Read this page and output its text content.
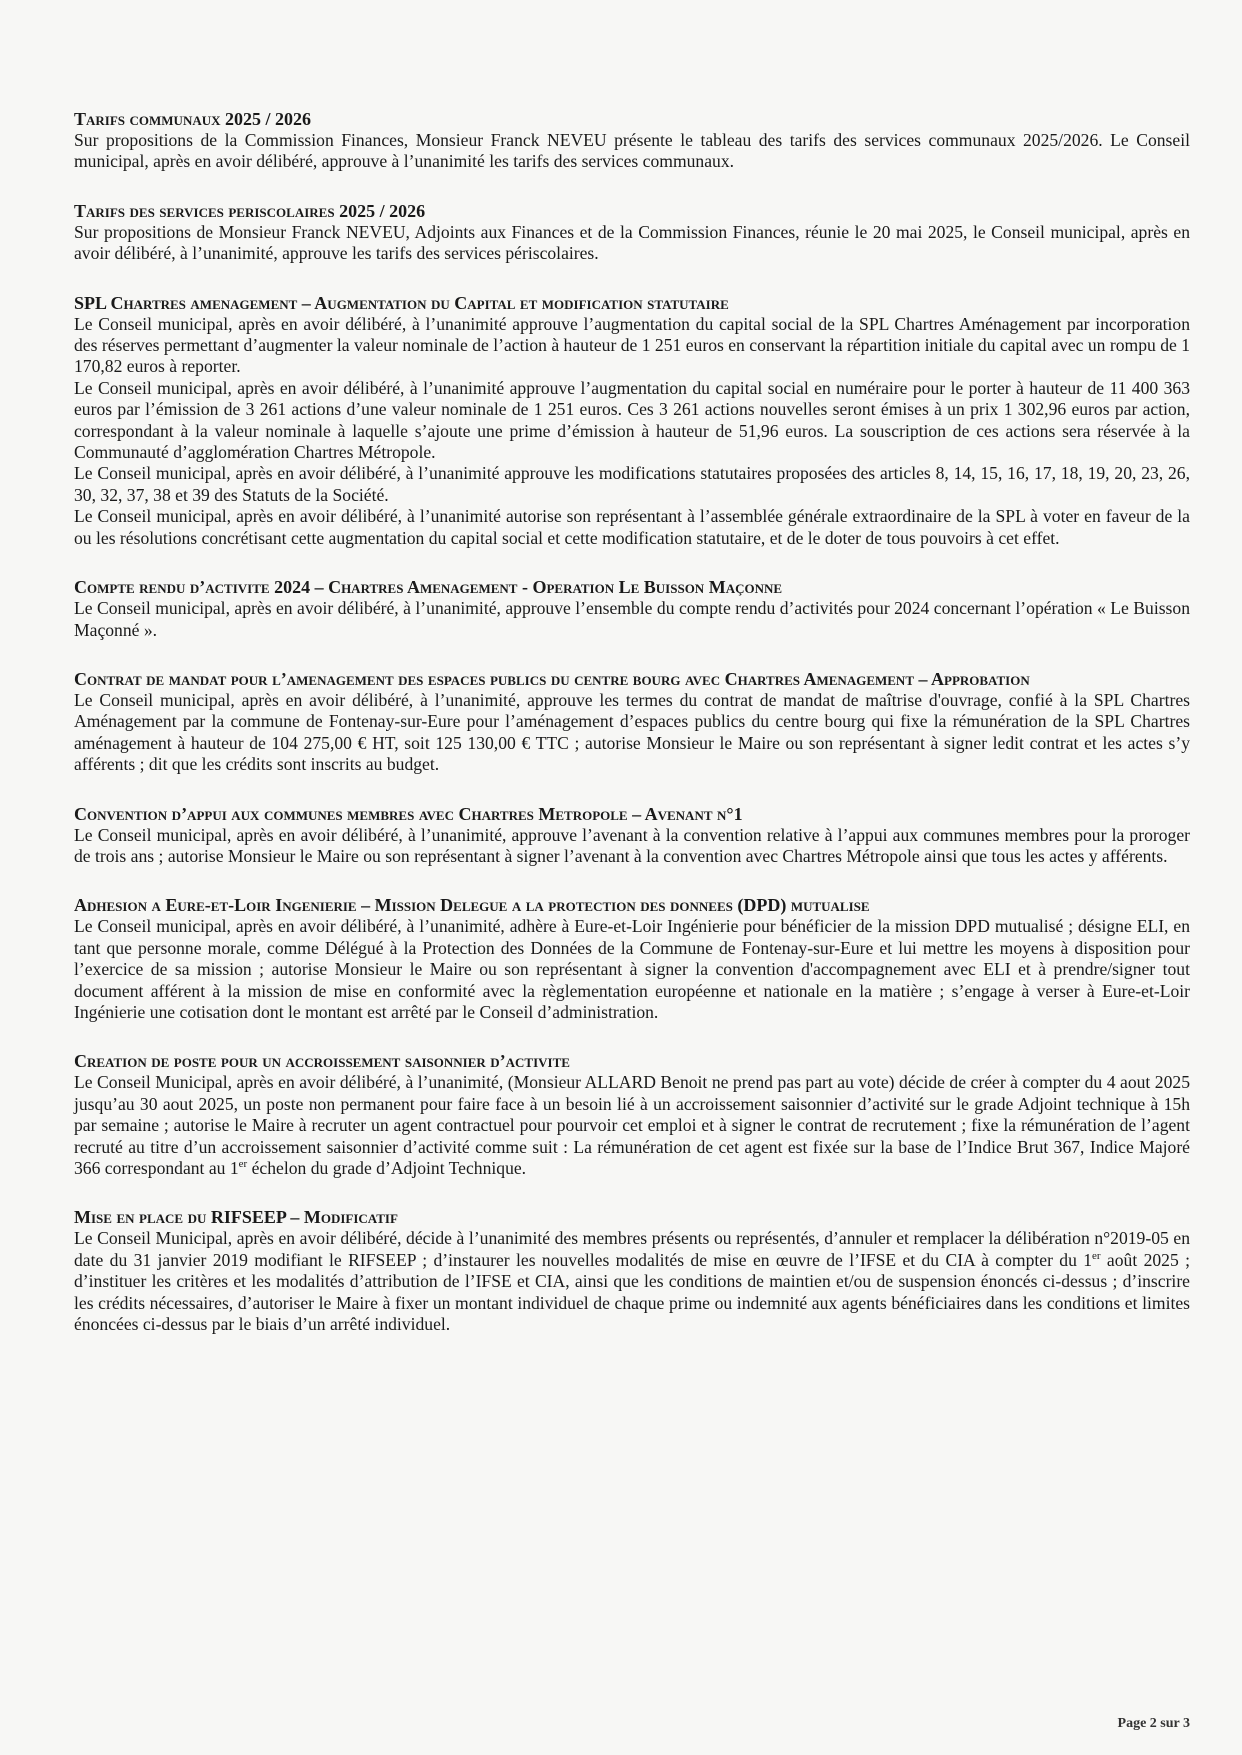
Tarifs communaux 2025 / 2026

Sur propositions de la Commission Finances, Monsieur Franck NEVEU présente le tableau des tarifs des services communaux 2025/2026. Le Conseil municipal, après en avoir délibéré, approuve à l’unanimité les tarifs des services communaux.

Tarifs des services periscolaires 2025 / 2026

Sur propositions de Monsieur Franck NEVEU, Adjoints aux Finances et de la Commission Finances, réunie le 20 mai 2025, le Conseil municipal, après en avoir délibéré, à l’unanimité, approuve les tarifs des services périscolaires.

SPL Chartres amenagement – Augmentation du Capital et modification statutaire

Le Conseil municipal, après en avoir délibéré, à l’unanimité approuve l’augmentation du capital social de la SPL Chartres Aménagement par incorporation des réserves permettant d’augmenter la valeur nominale de l’action à hauteur de 1 251 euros en conservant la répartition initiale du capital avec un rompu de 1 170,82 euros à reporter.

Le Conseil municipal, après en avoir délibéré, à l’unanimité approuve l’augmentation du capital social en numéraire pour le porter à hauteur de 11 400 363 euros par l’émission de 3 261 actions d’une valeur nominale de 1 251 euros. Ces 3 261 actions nouvelles seront émises à un prix 1 302,96 euros par action, correspondant à la valeur nominale à laquelle s’ajoute une prime d’émission à hauteur de 51,96 euros. La souscription de ces actions sera réservée à la Communauté d’agglomération Chartres Métropole.

Le Conseil municipal, après en avoir délibéré, à l’unanimité approuve les modifications statutaires proposées des articles 8, 14, 15, 16, 17, 18, 19, 20, 23, 26, 30, 32, 37, 38 et 39 des Statuts de la Société.

Le Conseil municipal, après en avoir délibéré, à l’unanimité autorise son représentant à l’assemblée générale extraordinaire de la SPL à voter en faveur de la ou les résolutions concrétisant cette augmentation du capital social et cette modification statutaire, et de le doter de tous pouvoirs à cet effet.

Compte rendu d’activite 2024 – Chartres Amenagement - Operation Le Buisson Maçonne

Le Conseil municipal, après en avoir délibéré, à l’unanimité, approuve l’ensemble du compte rendu d’activités pour 2024 concernant l’opération « Le Buisson Maçonné ».

Contrat de mandat pour l’amenagement des espaces publics du centre bourg avec Chartres Amenagement – Approbation

Le Conseil municipal, après en avoir délibéré, à l’unanimité, approuve les termes du contrat de mandat de maîtrise d'ouvrage, confié à la SPL Chartres Aménagement par la commune de Fontenay-sur-Eure pour l’aménagement d’espaces publics du centre bourg qui fixe la rémunération de la SPL Chartres aménagement à hauteur de 104 275,00 € HT, soit 125 130,00 € TTC ; autorise Monsieur le Maire ou son représentant à signer ledit contrat et les actes s’y afférents ; dit que les crédits sont inscrits au budget.

Convention d’appui aux communes membres avec Chartres Metropole – Avenant n°1

Le Conseil municipal, après en avoir délibéré, à l’unanimité, approuve l’avenant à la convention relative à l’appui aux communes membres pour la proroger de trois ans ; autorise Monsieur le Maire ou son représentant à signer l’avenant à la convention avec Chartres Métropole ainsi que tous les actes y afférents.

Adhesion a Eure-et-Loir Ingenierie – Mission Delegue a la protection des donnees (DPD) mutualise

Le Conseil municipal, après en avoir délibéré, à l’unanimité, adhère à Eure-et-Loir Ingénierie pour bénéficier de la mission DPD mutualisé ; désigne ELI, en tant que personne morale, comme Délégué à la Protection des Données de la Commune de Fontenay-sur-Eure et lui mettre les moyens à disposition pour l’exercice de sa mission ; autorise Monsieur le Maire ou son représentant à signer la convention d'accompagnement avec ELI et à prendre/signer tout document afférent à la mission de mise en conformité avec la règlementation européenne et nationale en la matière ; s’engage à verser à Eure-et-Loir Ingénierie une cotisation dont le montant est arrêté par le Conseil d’administration.

Creation de poste pour un accroissement saisonnier d’activite

Le Conseil Municipal, après en avoir délibéré, à l’unanimité, (Monsieur ALLARD Benoit ne prend pas part au vote) décide de créer à compter du 4 aout 2025 jusqu’au 30 aout 2025, un poste non permanent pour faire face à un besoin lié à un accroissement saisonnier d’activité sur le grade Adjoint technique à 15h par semaine ; autorise le Maire à recruter un agent contractuel pour pourvoir cet emploi et à signer le contrat de recrutement ; fixe la rémunération de l’agent recruté au titre d’un accroissement saisonnier d’activité comme suit : La rémunération de cet agent est fixée sur la base de l’Indice Brut 367, Indice Majoré 366 correspondant au 1er échelon du grade d’Adjoint Technique.

Mise en place du RIFSEEP – Modificatif

Le Conseil Municipal, après en avoir délibéré, décide à l’unanimité des membres présents ou représentés, d’annuler et remplacer la délibération n°2019-05 en date du 31 janvier 2019 modifiant le RIFSEEP ; d’instaurer les nouvelles modalités de mise en œuvre de l’IFSE et du CIA à compter du 1er août 2025 ; d’instituer les critères et les modalités d’attribution de l’IFSE et CIA, ainsi que les conditions de maintien et/ou de suspension énoncés ci-dessus ; d’inscrire les crédits nécessaires, d’autoriser le Maire à fixer un montant individuel de chaque prime ou indemnité aux agents bénéficiaires dans les conditions et limites énoncées ci-dessus par le biais d’un arrêté individuel.

Page 2 sur 3
